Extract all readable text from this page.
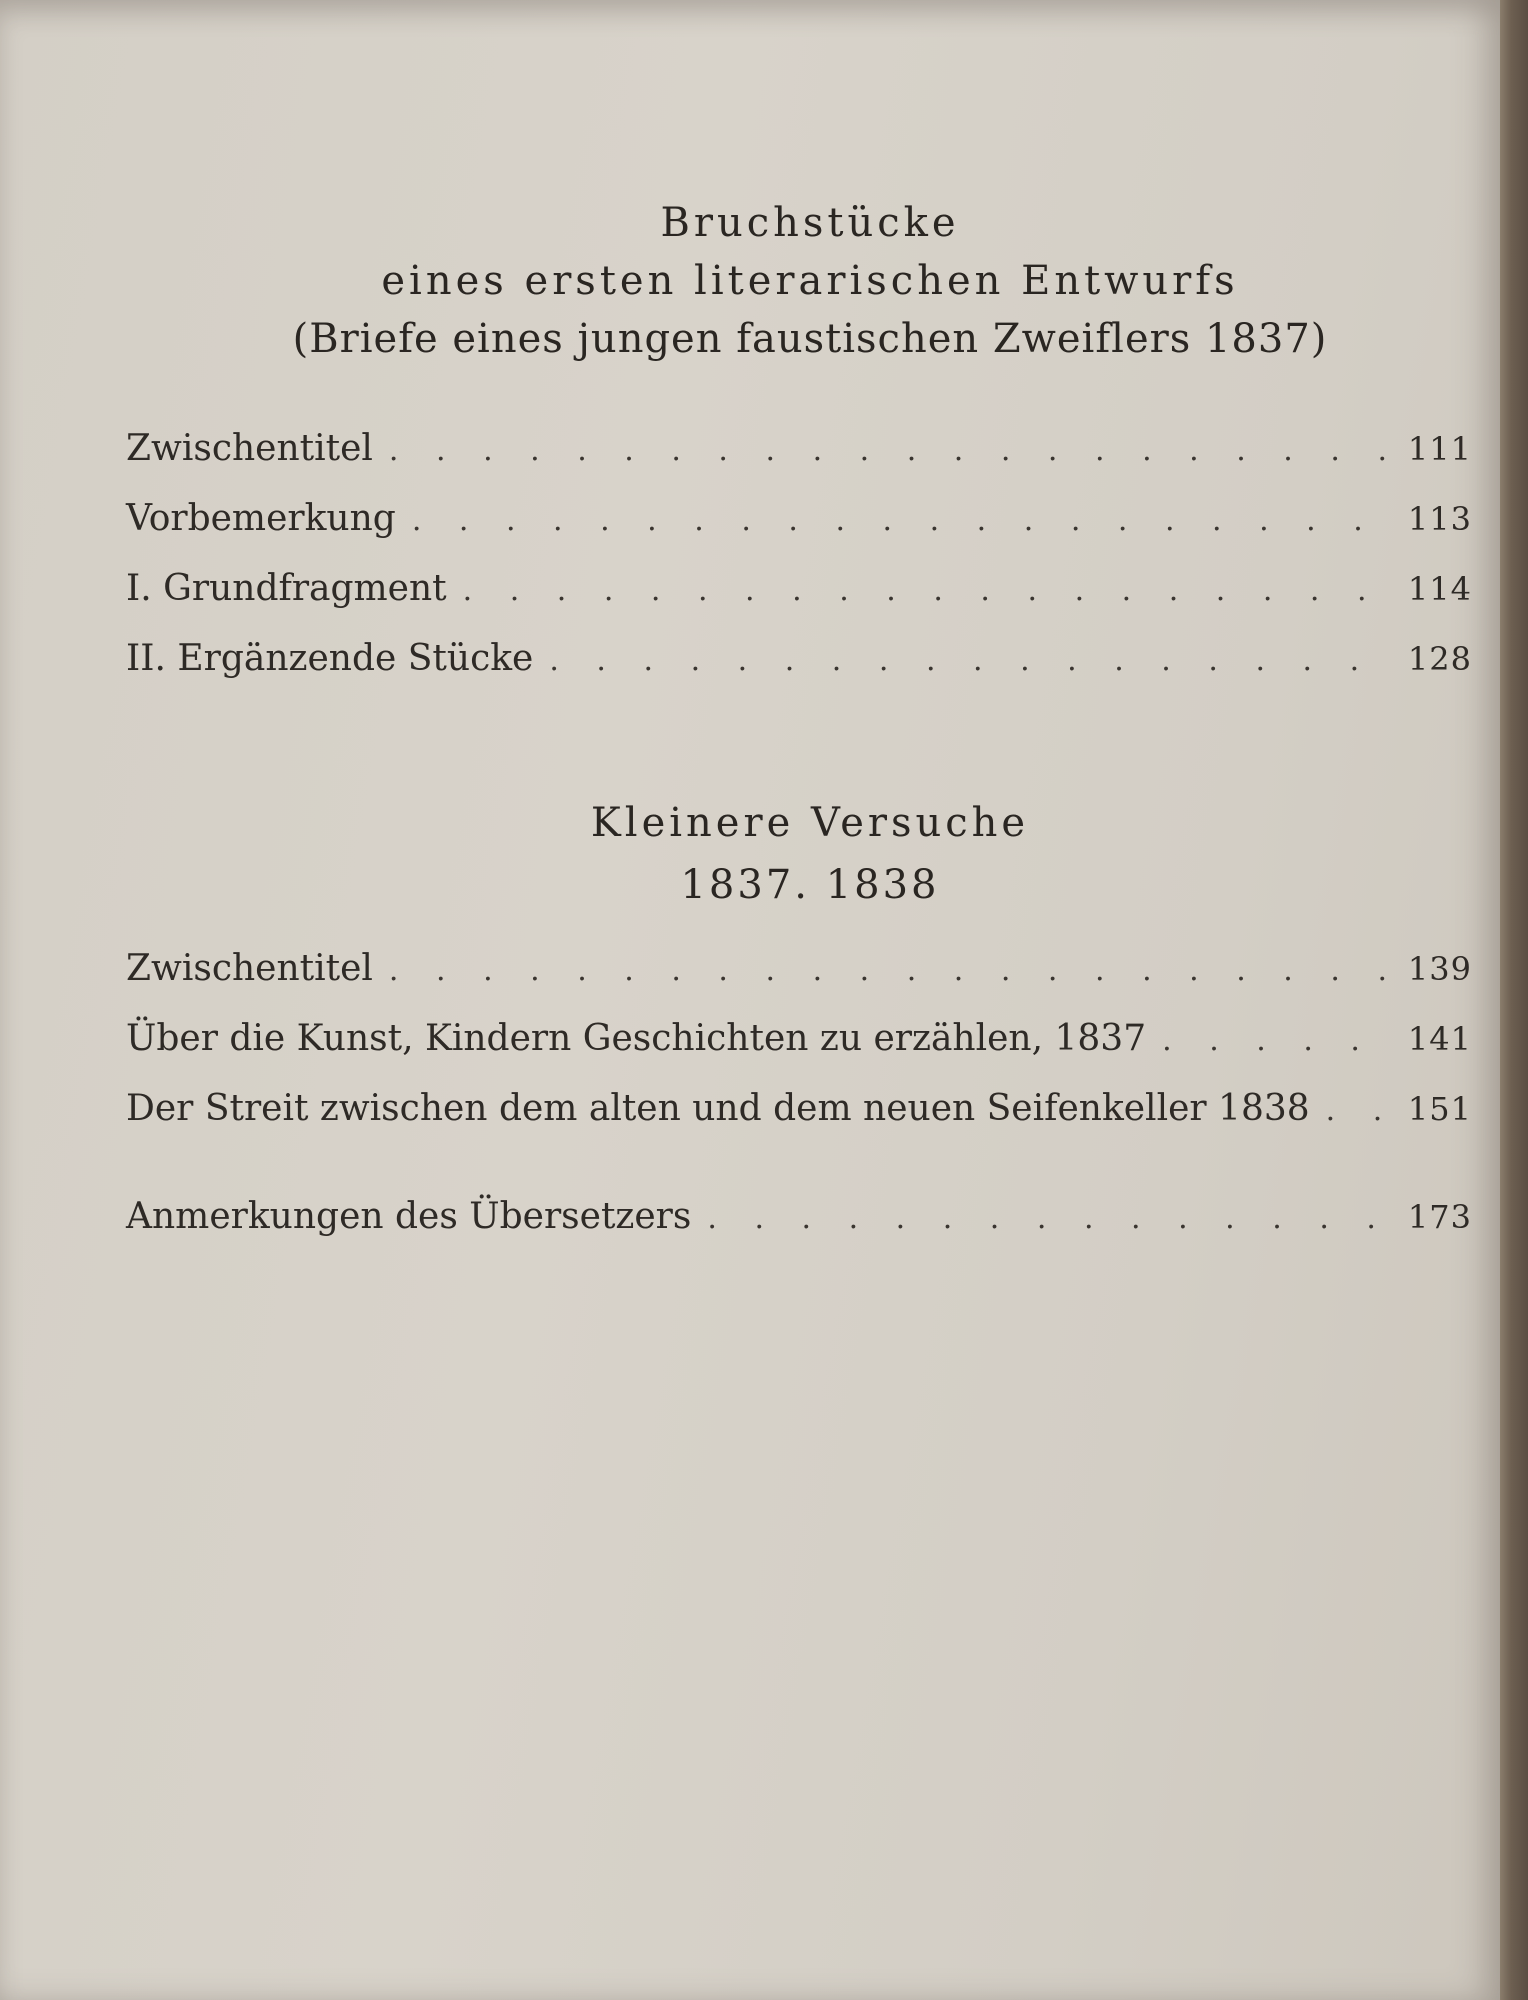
Bruchstücke
eines ersten literarischen Entwurfs
(Briefe eines jungen faustischen Zweiflers 1837)
Zwischentitel . . .	111
Vorbemerkung . . .	113
I. Grundfragment . . .	114
II. Ergänzende Stücke . . .	128
Kleinere Versuche
1837. 1838
Zwischentitel . . .	139
Über die Kunst, Kindern Geschichten zu erzählen, 1837 . . .	141
Der Streit zwischen dem alten und dem neuen Seifenkeller 1838 . . .	151
Anmerkungen des Übersetzers . . .	173
